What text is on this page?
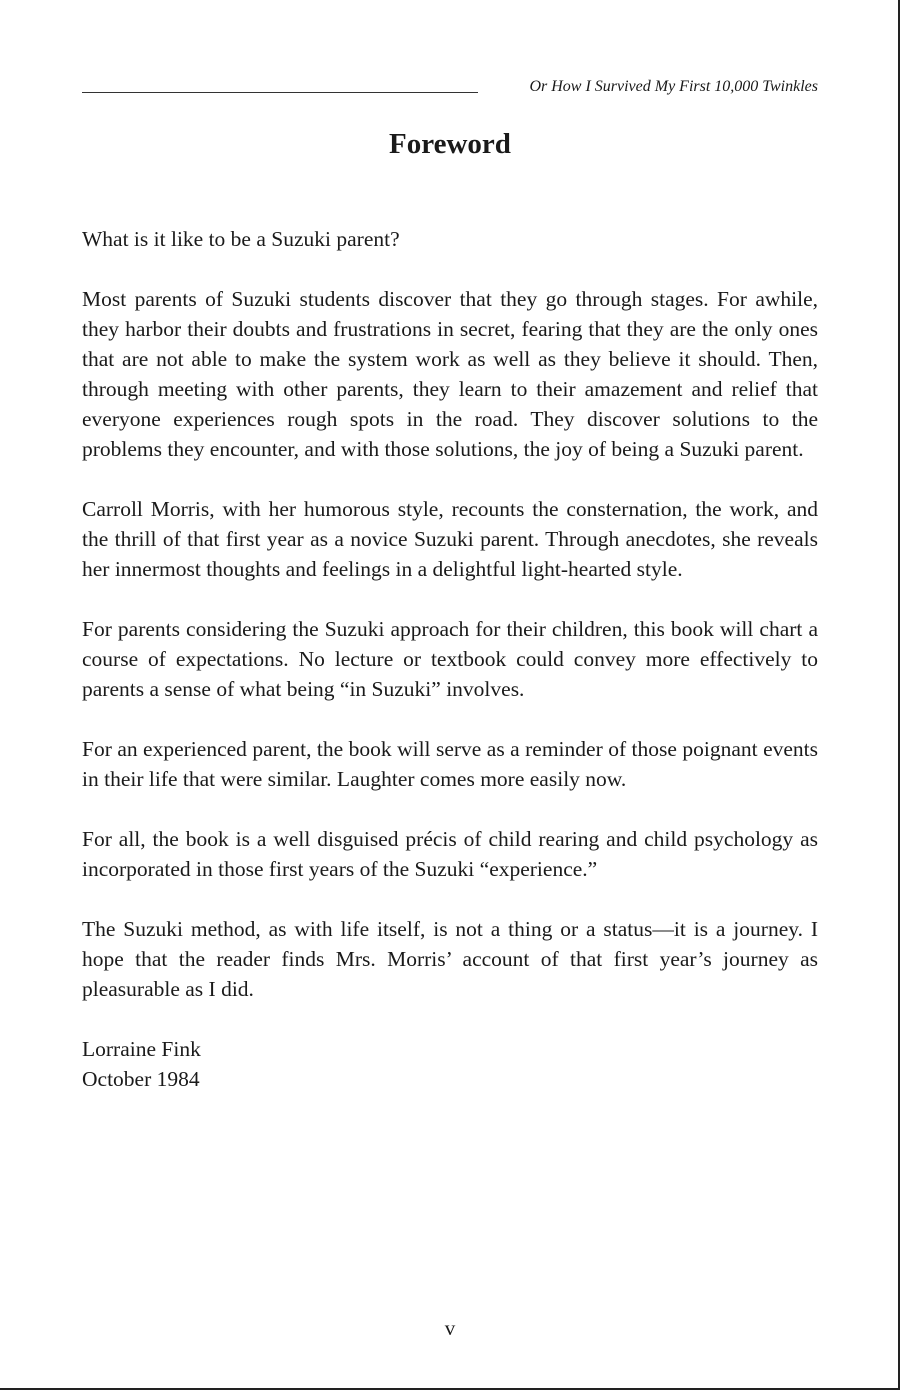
Or How I Survived My First 10,000 Twinkles
Foreword

What is it like to be a Suzuki parent?

Most parents of Suzuki students discover that they go through stages. For awhile, they harbor their doubts and frustrations in secret, fearing that they are the only ones that are not able to make the system work as well as they believe it should. Then, through meeting with other parents, they learn to their amazement and relief that everyone experiences rough spots in the road. They discover solutions to the problems they encounter, and with those solutions, the joy of being a Suzuki parent.

Carroll Morris, with her humorous style, recounts the consternation, the work, and the thrill of that first year as a novice Suzuki parent. Through anecdotes, she reveals her innermost thoughts and feelings in a delightful light-hearted style.

For parents considering the Suzuki approach for their children, this book will chart a course of expectations. No lecture or textbook could convey more effectively to parents a sense of what being “in Suzuki” involves.

For an experienced parent, the book will serve as a reminder of those poignant events in their life that were similar. Laughter comes more easily now.

For all, the book is a well disguised précis of child rearing and child psychology as incorporated in those first years of the Suzuki “experience.”

The Suzuki method, as with life itself, is not a thing or a status—it is a journey. I hope that the reader finds Mrs. Morris’ account of that first year’s journey as pleasurable as I did.

Lorraine Fink
October 1984
v
